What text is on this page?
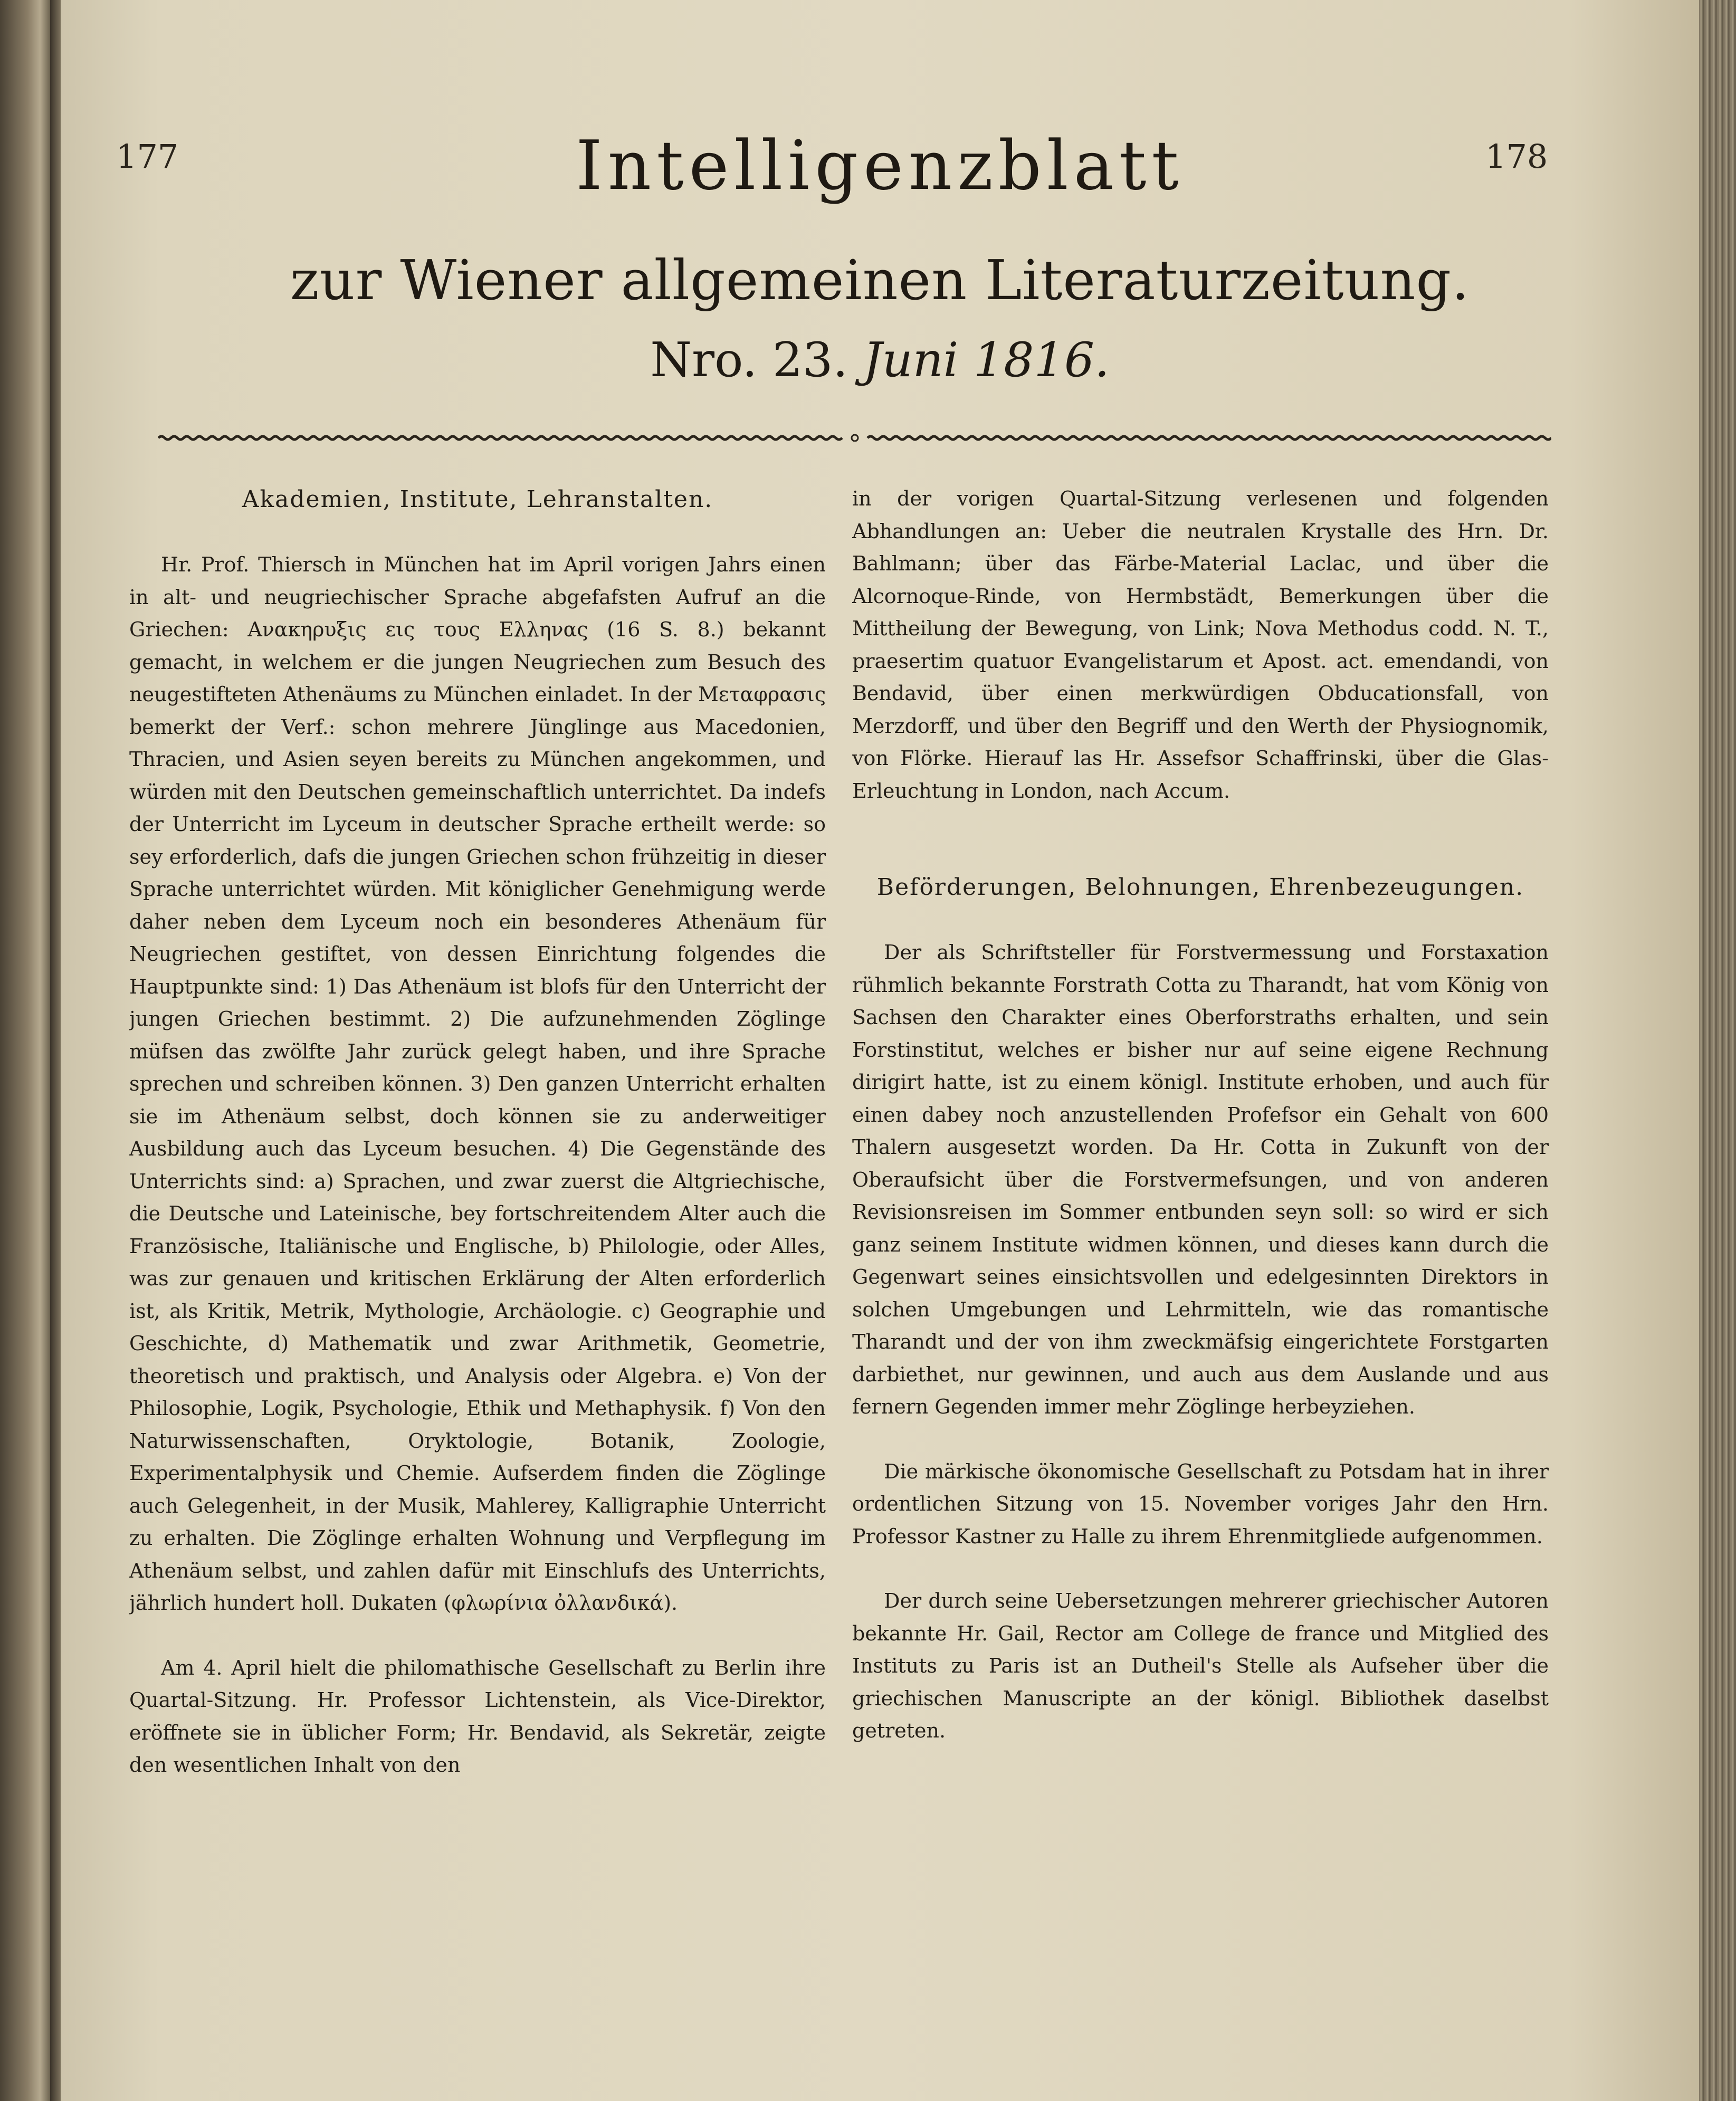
177	178
Intelligenzblatt
zur Wiener allgemeinen Literaturzeitung.
Nro. 23. Juni 1816.
Akademien, Institute, Lehranstalten.

Hr. Prof. Thiersch in München hat im April vorigen Jahrs einen in alt- und neugriechischer Sprache abgefafsten Aufruf an die Griechen: Ανακηρυξις εις τους Ελληνας (16 S. 8.) bekannt gemacht, in welchem er die jungen Neugriechen zum Besuch des neugestifteten Athenäums zu München einladet. In der Μεταφρασις bemerkt der Verf.: schon mehrere Jünglinge aus Macedonien, Thracien, und Asien seyen bereits zu München angekommen, und würden mit den Deutschen gemeinschaftlich unterrichtet. Da indefs der Unterricht im Lyceum in deutscher Sprache ertheilt werde: so sey erforderlich, dafs die jungen Griechen schon frühzeitig in dieser Sprache unterrichtet würden. Mit königlicher Genehmigung werde daher neben dem Lyceum noch ein besonderes Athenäum für Neugriechen gestiftet, von dessen Einrichtung folgendes die Hauptpunkte sind: 1) Das Athenäum ist blofs für den Unterricht der jungen Griechen bestimmt. 2) Die aufzunehmenden Zöglinge müfsen das zwölfte Jahr zurück gelegt haben, und ihre Sprache sprechen und schreiben können. 3) Den ganzen Unterricht erhalten sie im Athenäum selbst, doch können sie zu anderweitiger Ausbildung auch das Lyceum besuchen. 4) Die Gegenstände des Unterrichts sind: a) Sprachen, und zwar zuerst die Altgriechische, die Deutsche und Lateinische, bey fortschreitendem Alter auch die Französische, Italiänische und Englische, b) Philologie, oder Alles, was zur genauen und kritischen Erklärung der Alten erforderlich ist, als Kritik, Metrik, Mythologie, Archäologie. c) Geographie und Geschichte, d) Mathematik und zwar Arithmetik, Geometrie, theoretisch und praktisch, und Analysis oder Algebra. e) Von der Philosophie, Logik, Psychologie, Ethik und Methaphysik. f) Von den Naturwissenschaften, Oryktologie, Botanik, Zoologie, Experimentalphysik und Chemie. Aufserdem finden die Zöglinge auch Gelegenheit, in der Musik, Mahlerey, Kalligraphie Unterricht zu erhalten. Die Zöglinge erhalten Wohnung und Verpflegung im Athenäum selbst, und zahlen dafür mit Einschlufs des Unterrichts, jährlich hundert holl. Dukaten (φλωρίνια ὀλλανδικά).

Am 4. April hielt die philomathische Gesellschaft zu Berlin ihre Quartal-Sitzung. Hr. Professor Lichtenstein, als Vice-Direktor, eröffnete sie in üblicher Form; Hr. Bendavid, als Sekretär, zeigte den wesentlichen Inhalt von den

in der vorigen Quartal-Sitzung verlesenen und folgenden Abhandlungen an: Ueber die neutralen Krystalle des Hrn. Dr. Bahlmann; über das Färbe-Material Laclac, und über die Alcornoque-Rinde, von Hermbstädt, Bemerkungen über die Mittheilung der Bewegung, von Link; Nova Methodus codd. N. T., praesertim quatuor Evangelistarum et Apost. act. emendandi, von Bendavid, über einen merkwürdigen Obducationsfall, von Merzdorff, und über den Begriff und den Werth der Physiognomik, von Flörke. Hierauf las Hr. Assefsor Schaffrinski, über die Glas-Erleuchtung in London, nach Accum.

Beförderungen, Belohnungen, Ehrenbezeugungen.

Der als Schriftsteller für Forstvermessung und Forstaxation rühmlich bekannte Forstrath Cotta zu Tharandt, hat vom König von Sachsen den Charakter eines Oberforstraths erhalten, und sein Forstinstitut, welches er bisher nur auf seine eigene Rechnung dirigirt hatte, ist zu einem königl. Institute erhoben, und auch für einen dabey noch anzustellenden Profefsor ein Gehalt von 600 Thalern ausgesetzt worden. Da Hr. Cotta in Zukunft von der Oberaufsicht über die Forstvermefsungen, und von anderen Revisionsreisen im Sommer entbunden seyn soll: so wird er sich ganz seinem Institute widmen können, und dieses kann durch die Gegenwart seines einsichtsvollen und edelgesinnten Direktors in solchen Umgebungen und Lehrmitteln, wie das romantische Tharandt und der von ihm zweckmäfsig eingerichtete Forstgarten darbiethet, nur gewinnen, und auch aus dem Auslande und aus fernern Gegenden immer mehr Zöglinge herbeyziehen.

Die märkische ökonomische Gesellschaft zu Potsdam hat in ihrer ordentlichen Sitzung von 15. November voriges Jahr den Hrn. Professor Kastner zu Halle zu ihrem Ehrenmitgliede aufgenommen.

Der durch seine Uebersetzungen mehrerer griechischer Autoren bekannte Hr. Gail, Rector am College de france und Mitglied des Instituts zu Paris ist an Dutheil's Stelle als Aufseher über die griechischen Manuscripte an der königl. Bibliothek daselbst getreten.
